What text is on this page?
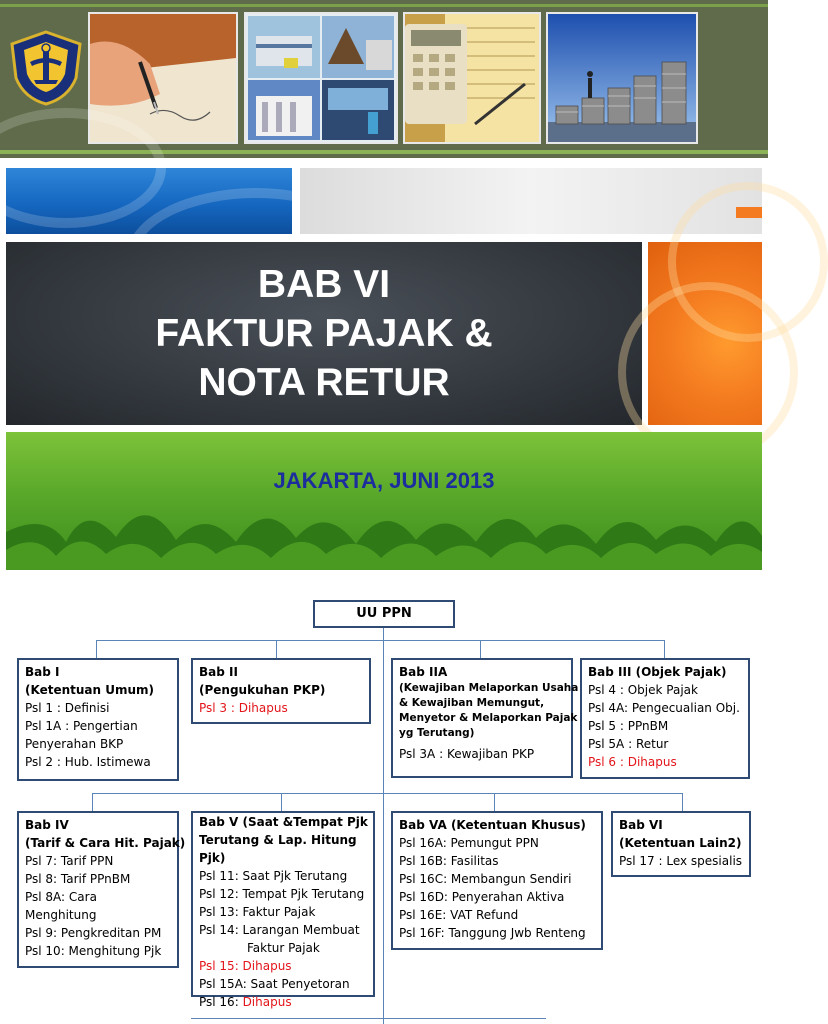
BAB VI
FAKTUR PAJAK &
NOTA RETUR
JAKARTA, JUNI 2013
UU PPN
Bab I
(Ketentuan Umum)
Psl 1 : Definisi
Psl 1A : Pengertian
Penyerahan BKP
Psl 2 : Hub. Istimewa
Bab II
(Pengukuhan PKP)
Psl 3 : Dihapus
Bab IIA
(Kewajiban Melaporkan Usaha
& Kewajiban Memungut,
Menyetor & Melaporkan Pajak
yg Terutang)
Psl 3A : Kewajiban PKP
Bab III (Objek Pajak)
Psl 4 : Objek Pajak
Psl 4A: Pengecualian Obj.
Psl 5 : PPnBM
Psl 5A : Retur
Psl 6 : Dihapus
Bab IV
(Tarif & Cara Hit. Pajak)
Psl 7: Tarif PPN
Psl 8: Tarif PPnBM
Psl 8A: Cara
Menghitung
Psl 9: Pengkreditan PM
Psl 10: Menghitung Pjk
Bab V (Saat &Tempat Pjk
Terutang & Lap. Hitung
Pjk)
Psl 11: Saat Pjk Terutang
Psl 12: Tempat Pjk Terutang
Psl 13: Faktur Pajak
Psl 14: Larangan Membuat
Faktur Pajak
Psl 15: Dihapus
Psl 15A: Saat Penyetoran
Psl 16: Dihapus
Bab VA (Ketentuan Khusus)
Psl 16A: Pemungut PPN
Psl 16B: Fasilitas
Psl 16C: Membangun Sendiri
Psl 16D: Penyerahan Aktiva
Psl 16E: VAT Refund
Psl 16F: Tanggung Jwb Renteng
Bab VI
(Ketentuan Lain2)
Psl 17 : Lex spesialis
